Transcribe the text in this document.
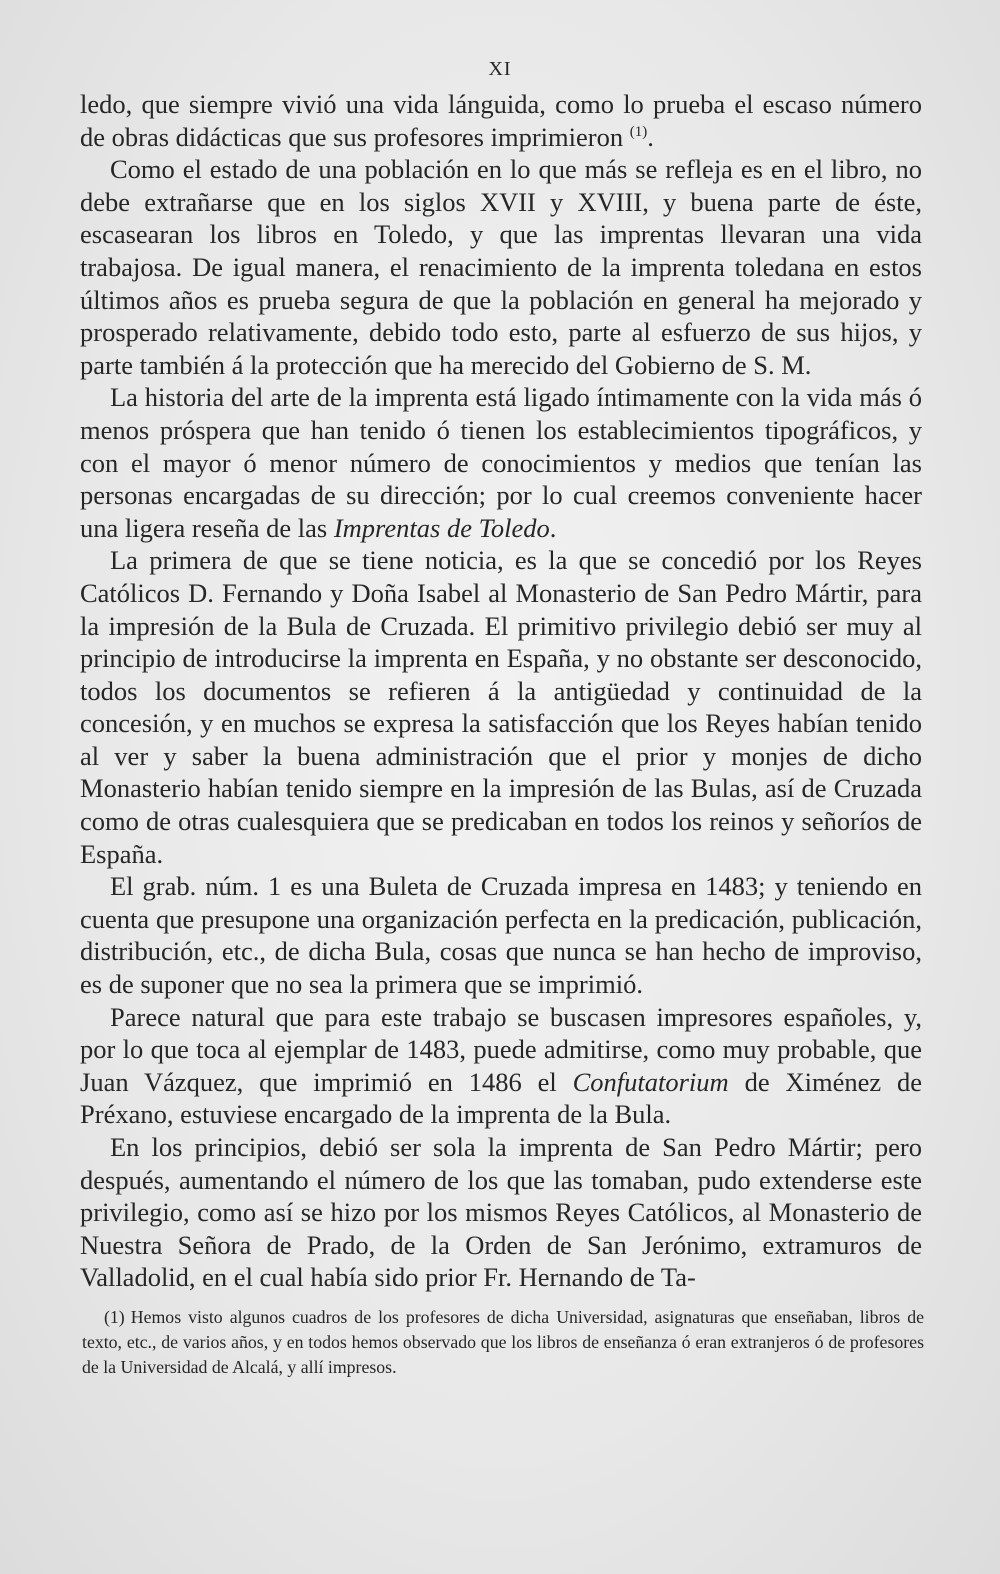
XI

ledo, que siempre vivió una vida lánguida, como lo prueba el escaso número de obras didácticas que sus profesores imprimieron $^{(1)}$.

Como el estado de una población en lo que más se refleja es en el libro, no debe extrañarse que en los siglos XVII y XVIII, y buena parte de éste, escasearan los libros en Toledo, y que las imprentas llevaran una vida trabajosa. De igual manera, el renacimiento de la imprenta toledana en estos últimos años es prueba segura de que la población en general ha mejorado y prosperado relativamente, debido todo esto, parte al esfuerzo de sus hijos, y parte también á la protección que ha merecido del Gobierno de S. M.

La historia del arte de la imprenta está ligado íntimamente con la vida más ó menos próspera que han tenido ó tienen los establecimientos tipográficos, y con el mayor ó menor número de conocimientos y medios que tenían las personas encargadas de su dirección; por lo cual creemos conveniente hacer una ligera reseña de las Imprentas de Toledo.

La primera de que se tiene noticia, es la que se concedió por los Reyes Católicos D. Fernando y Doña Isabel al Monasterio de San Pedro Mártir, para la impresión de la Bula de Cruzada. El primitivo privilegio debió ser muy al principio de introducirse la imprenta en España, y no obstante ser desconocido, todos los documentos se refieren á la antigüedad y continuidad de la concesión, y en muchos se expresa la satisfacción que los Reyes habían tenido al ver y saber la buena administración que el prior y monjes de dicho Monasterio habían tenido siempre en la impresión de las Bulas, así de Cruzada como de otras cualesquiera que se predicaban en todos los reinos y señoríos de España.

El grab. núm. 1 es una Buleta de Cruzada impresa en 1483; y teniendo en cuenta que presupone una organización perfecta en la predicación, publicación, distribución, etc., de dicha Bula, cosas que nunca se han hecho de improviso, es de suponer que no sea la primera que se imprimió.

Parece natural que para este trabajo se buscasen impresores españoles, y, por lo que toca al ejemplar de 1483, puede admitirse, como muy probable, que Juan Vázquez, que imprimió en 1486 el Confutatorium de Ximénez de Préxano, estuviese encargado de la imprenta de la Bula.

En los principios, debió ser sola la imprenta de San Pedro Mártir; pero después, aumentando el número de los que las tomaban, pudo extenderse este privilegio, como así se hizo por los mismos Reyes Católicos, al Monasterio de Nuestra Señora de Prado, de la Orden de San Jerónimo, extramuros de Valladolid, en el cual había sido prior Fr. Hernando de Ta-

(1) Hemos visto algunos cuadros de los profesores de dicha Universidad, asignaturas que enseñaban, libros de texto, etc., de varios años, y en todos hemos observado que los libros de enseñanza ó eran extranjeros ó de profesores de la Universidad de Alcalá, y allí impresos.
